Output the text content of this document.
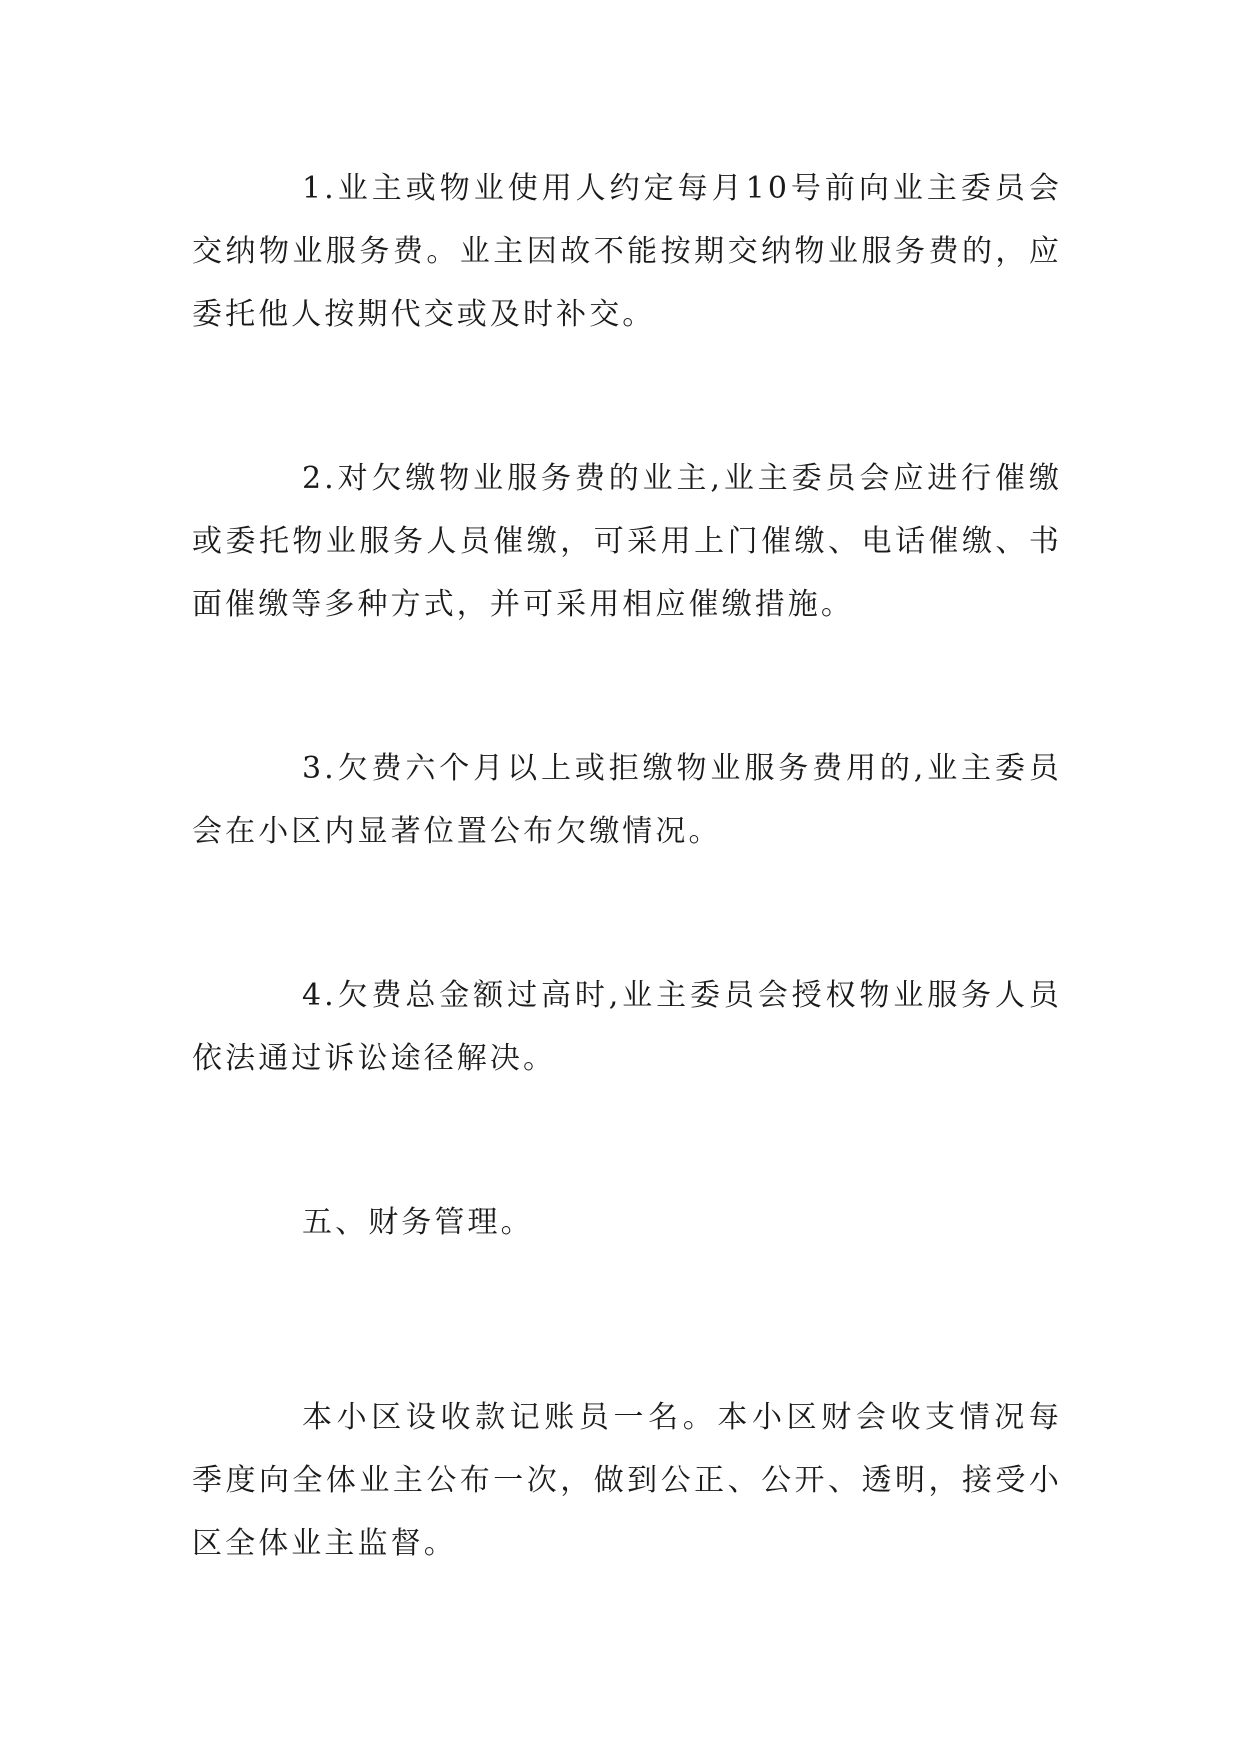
1.业主或物业使用人约定每月10号前向业主委员会交纳物业服务费。业主因故不能按期交纳物业服务费的，应委托他人按期代交或及时补交。

2.对欠缴物业服务费的业主,业主委员会应进行催缴或委托物业服务人员催缴，可采用上门催缴、电话催缴、书面催缴等多种方式，并可采用相应催缴措施。

3.欠费六个月以上或拒缴物业服务费用的,业主委员会在小区内显著位置公布欠缴情况。

4.欠费总金额过高时,业主委员会授权物业服务人员依法通过诉讼途径解决。

五、财务管理。

本小区设收款记账员一名。本小区财会收支情况每季度向全体业主公布一次，做到公正、公开、透明，接受小区全体业主监督。
